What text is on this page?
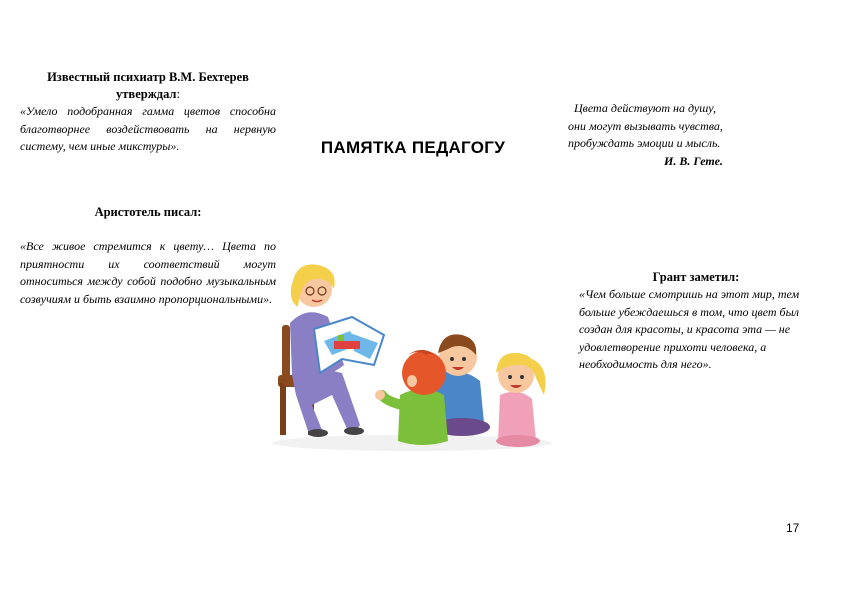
Известный психиатр В.М. Бехтерев
утверждал:
«Умело подобранная гамма цветов способна благотворнее воздействовать на нервную систему, чем иные микстуры».
Аристотель писал:
«Все живое стремится к цвету… Цвета по приятности их соответствий могут относиться между собой подобно музыкальным созвучиям и быть взаимно пропорциональными».
ПАМЯТКА ПЕДАГОГУ
Цвета действуют на душу,
они могут вызывать чувства,
пробуждать эмоции и мысль.
И. В. Гете.
Грант заметил:
«Чем больше смотришь на этот мир, тем больше убеждаешься в том, что цвет был создан для красоты, и красота эта — не удовлетворение прихоти человека, а необходимость для него».
17
